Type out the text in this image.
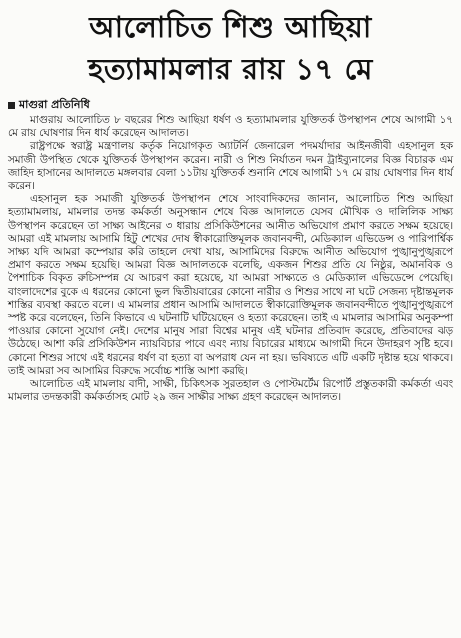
আলোচিত শিশু আছিয়া
হত্যামামলার রায় ১৭ মে
মাগুরা প্রতিনিধি

মাগুরায় আলোচিত ৮ বছরের শিশু আছিয়া ধর্ষণ ও হত্যামামলার যুক্তিতর্ক উপস্থাপন শেষে আগামী ১৭ মে রায় ঘোষণার দিন ধার্য করেছেন আদালত।

রাষ্ট্রপক্ষে স্বরাষ্ট্র মন্ত্রণালয় কর্তৃক নিয়োগকৃত অ্যাটর্নি জেনারেল পদমর্যাদার আইনজীবী এহসানুল হক সমাজী উপস্থিত থেকে যুক্তিতর্ক উপস্থাপন করেন। নারী ও শিশু নির্যাতন দমন ট্রাইব্যুনালের বিজ্ঞ বিচারক এম জাহিদ হাসানের আদালতে মঙ্গলবার বেলা ১১টায় যুক্তিতর্ক শুনানি শেষে আগামী ১৭ মে রায় ঘোষণার দিন ধার্য করেন।

এহসানুল হক সমাজী যুক্তিতর্ক উপস্থাপন শেষে সাংবাদিকদের জানান, আলোচিত শিশু আছিয়া হত্যামামলায়, মামলার তদন্ত কর্মকর্তা অনুসন্ধান শেষে বিজ্ঞ আদালতে যেসব মৌখিক ও দালিলিক সাক্ষ্য উপস্থাপন করেছেন তা সাক্ষ্য আইনের ৩ ধারায় প্রসিকিউশনের আনীত অভিযোগ প্রমাণ করতে সক্ষম হয়েছে। আমরা এই মামলায় আসামি হিটু শেখের দোষ স্বীকারোক্তিমূলক জবানবন্দী, মেডিক্যাল এভিডেন্স ও পারিপার্শ্বিক সাক্ষ্য যদি আমরা কম্পেয়ার করি তাহলে দেখা যায়, আসামিদের বিরুদ্ধে আনীত অভিযোগ পুঙ্খানুপুঙ্খরূপে প্রমাণ করতে সক্ষম হয়েছি। আমরা বিজ্ঞ আদালতকে বলেছি, একজন শিশুর প্রতি যে নিষ্ঠুর, অমানবিক ও পৈশাচিক বিকৃত রুচিসম্পন্ন যে আচরণ করা হয়েছে, যা আমরা সাক্ষ্যতে ও মেডিক্যাল এভিডেন্সে পেয়েছি। বাংলাদেশের বুকে এ ধরনের কোনো ভুল দ্বিতীয়বারের কোনো নারীর ও শিশুর সাথে না ঘটে সেজন্য দৃষ্টান্তমূলক শাস্তির ব্যবস্থা করতে বলে। এ মামলার প্রধান আসামি আদালতে স্বীকারোক্তিমূলক জবানবন্দীতে পুঙ্খানুপুঙ্খরূপে স্পষ্ট করে বলেছেন, তিনি কিভাবে এ ঘটনাটি ঘটিয়েছেন ও হত্যা করেছেন। তাই এ মামলার আসামির অনুকম্পা পাওয়ার কোনো সুযোগ নেই। দেশের মানুষ সারা বিশ্বের মানুষ এই ঘটনার প্রতিবাদ করেছে, প্রতিবাদের ঝড় উঠেছে। আশা করি প্রসিকিউশন ন্যায়বিচার পাবে এবং ন্যায় বিচারের মাধ্যমে আগামী দিনে উদাহরণ সৃষ্টি হবে। কোনো শিশুর সাথে এই ধরনের ধর্ষণ বা হত্যা বা অপরাধ যেন না হয়। ভবিষ্যতে এটি একটি দৃষ্টান্ত হয়ে থাকবে। তাই আমরা সব আসামির বিরুদ্ধে সর্বোচ্চ শাস্তি আশা করছি।

আলোচিত এই মামলায় বাদী, সাক্ষী, চিকিৎসক সুরতহাল ও পোস্টমর্টেম রিপোর্ট প্রস্তুতকারী কর্মকর্তা এবং মামলার তদন্তকারী কর্মকর্তাসহ মোট ২৯ জন সাক্ষীর সাক্ষ্য গ্রহণ করেছেন আদালত।
